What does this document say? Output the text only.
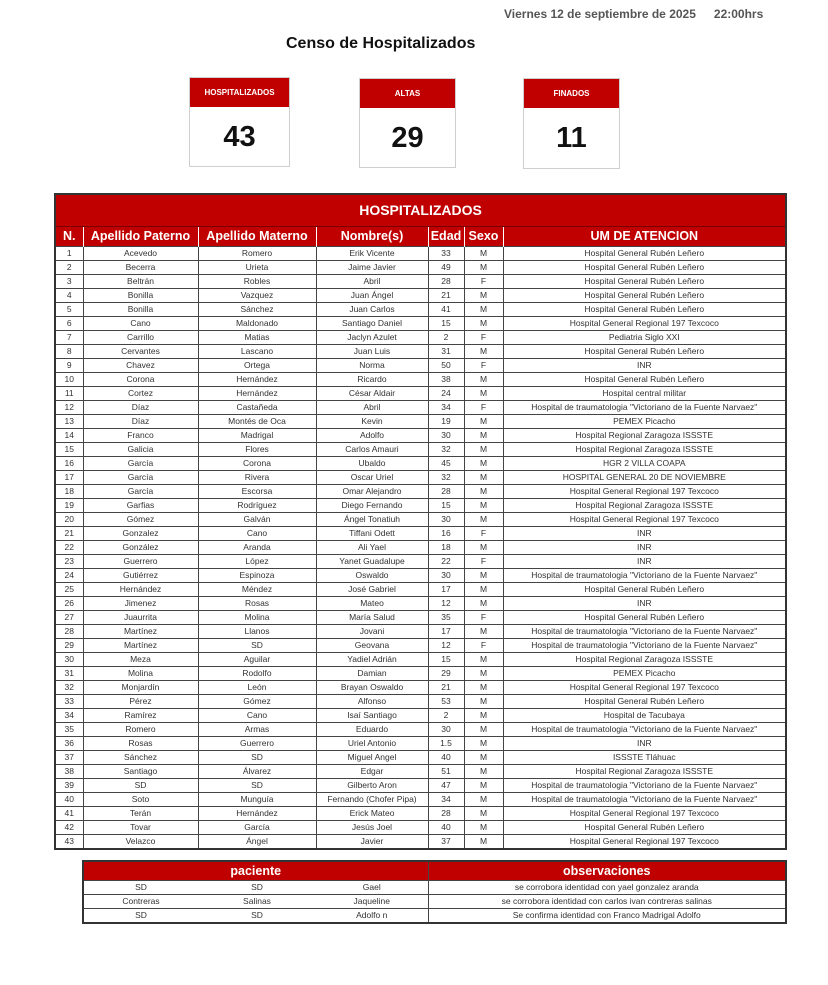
Viernes 12 de septiembre de 2025 22:00hrs
Censo de Hospitalizados
HOSPITALIZADOS
43
ALTAS
29
FINADOS
11
HOSPITALIZADOS						
N.	Apellido Paterno	Apellido Materno	Nombre(s)	Edad	Sexo	UM DE ATENCION
1	Acevedo	Romero	Erik Vicente	33	M	Hospital General Rubén Leñero
2	Becerra	Urieta	Jaime Javier	49	M	Hospital General Rubén Leñero
3	Beltrán	Robles	Abril	28	F	Hospital General Rubén Leñero
4	Bonilla	Vazquez	Juan Ángel	21	M	Hospital General Rubén Leñero
5	Bonilla	Sánchez	Juan Carlos	41	M	Hospital General Rubén Leñero
6	Cano	Maldonado	Santiago Daniel	15	M	Hospital General Regional 197 Texcoco
7	Carrillo	Matias	Jaclyn Azulet	2	F	Pediatria Siglo XXI
8	Cervantes	Lascano	Juan Luis	31	M	Hospital General Rubén Leñero
9	Chavez	Ortega	Norma	50	F	INR
10	Corona	Hernández	Ricardo	38	M	Hospital General Rubén Leñero
11	Cortez	Hernández	César Aldair	24	M	Hospital central militar
12	Díaz	Castañeda	Abril	34	F	Hospital de traumatologia "Victoriano de la Fuente Narvaez"
13	Díaz	Montés de Oca	Kevin	19	M	PEMEX Picacho
14	Franco	Madrigal	Adolfo	30	M	Hospital Regional Zaragoza ISSSTE
15	Galicia	Flores	Carlos Amauri	32	M	Hospital Regional Zaragoza ISSSTE
16	García	Corona	Ubaldo	45	M	HGR 2 VILLA COAPA
17	García	Rivera	Oscar Uriel	32	M	HOSPITAL GENERAL 20 DE NOVIEMBRE
18	García	Escorsa	Omar Alejandro	28	M	Hospital General Regional 197 Texcoco
19	Garfias	Rodríguez	Diego Fernando	15	M	Hospital Regional Zaragoza ISSSTE
20	Gómez	Galván	Ángel Tonatiuh	30	M	Hospital General Regional 197 Texcoco
21	Gonzalez	Cano	Tiffani Odett	16	F	INR
22	González	Aranda	Ali Yael	18	M	INR
23	Guerrero	López	Yanet Guadalupe	22	F	INR
24	Gutiérrez	Espinoza	Oswaldo	30	M	Hospital de traumatologia "Victoriano de la Fuente Narvaez"
25	Hernández	Méndez	José Gabriel	17	M	Hospital General Rubén Leñero
26	Jimenez	Rosas	Mateo	12	M	INR
27	Juaurrita	Molina	María Salud	35	F	Hospital General Rubén Leñero
28	Martínez	Llanos	Jovani	17	M	Hospital de traumatologia "Victoriano de la Fuente Narvaez"
29	Martínez	SD	Geovana	12	F	Hospital de traumatologia "Victoriano de la Fuente Narvaez"
30	Meza	Aguilar	Yadiel Adrián	15	M	Hospital Regional Zaragoza ISSSTE
31	Molina	Rodolfo	Damian	29	M	PEMEX Picacho
32	Monjardín	León	Brayan Oswaldo	21	M	Hospital General Regional 197 Texcoco
33	Pérez	Gómez	Alfonso	53	M	Hospital General Rubén Leñero
34	Ramírez	Cano	Isaí Santiago	2	M	Hospital de Tacubaya
35	Romero	Armas	Eduardo	30	M	Hospital de traumatologia "Victoriano de la Fuente Narvaez"
36	Rosas	Guerrero	Uriel Antonio	1.5	M	INR
37	Sánchez	SD	Miguel Angel	40	M	ISSSTE Tláhuac
38	Santiago	Álvarez	Edgar	51	M	Hospital Regional Zaragoza ISSSTE
39	SD	SD	Gilberto Aron	47	M	Hospital de traumatologia "Victoriano de la Fuente Narvaez"
40	Soto	Munguía	Fernando (Chofer Pipa)	34	M	Hospital de traumatologia "Victoriano de la Fuente Narvaez"
41	Terán	Hernández	Erick Mateo	28	M	Hospital General Regional 197 Texcoco
42	Tovar	García	Jesús Joel	40	M	Hospital General Rubén Leñero
43	Velazco	Ángel	Javier	37	M	Hospital General Regional 197 Texcoco
paciente			observaciones
SD	SD	Gael	se corrobora identidad con yael gonzalez aranda
Contreras	Salinas	Jaqueline	se corrobora identidad con carlos ivan contreras salinas
SD	SD	Adolfo n	Se confirma identidad con Franco Madrigal Adolfo
